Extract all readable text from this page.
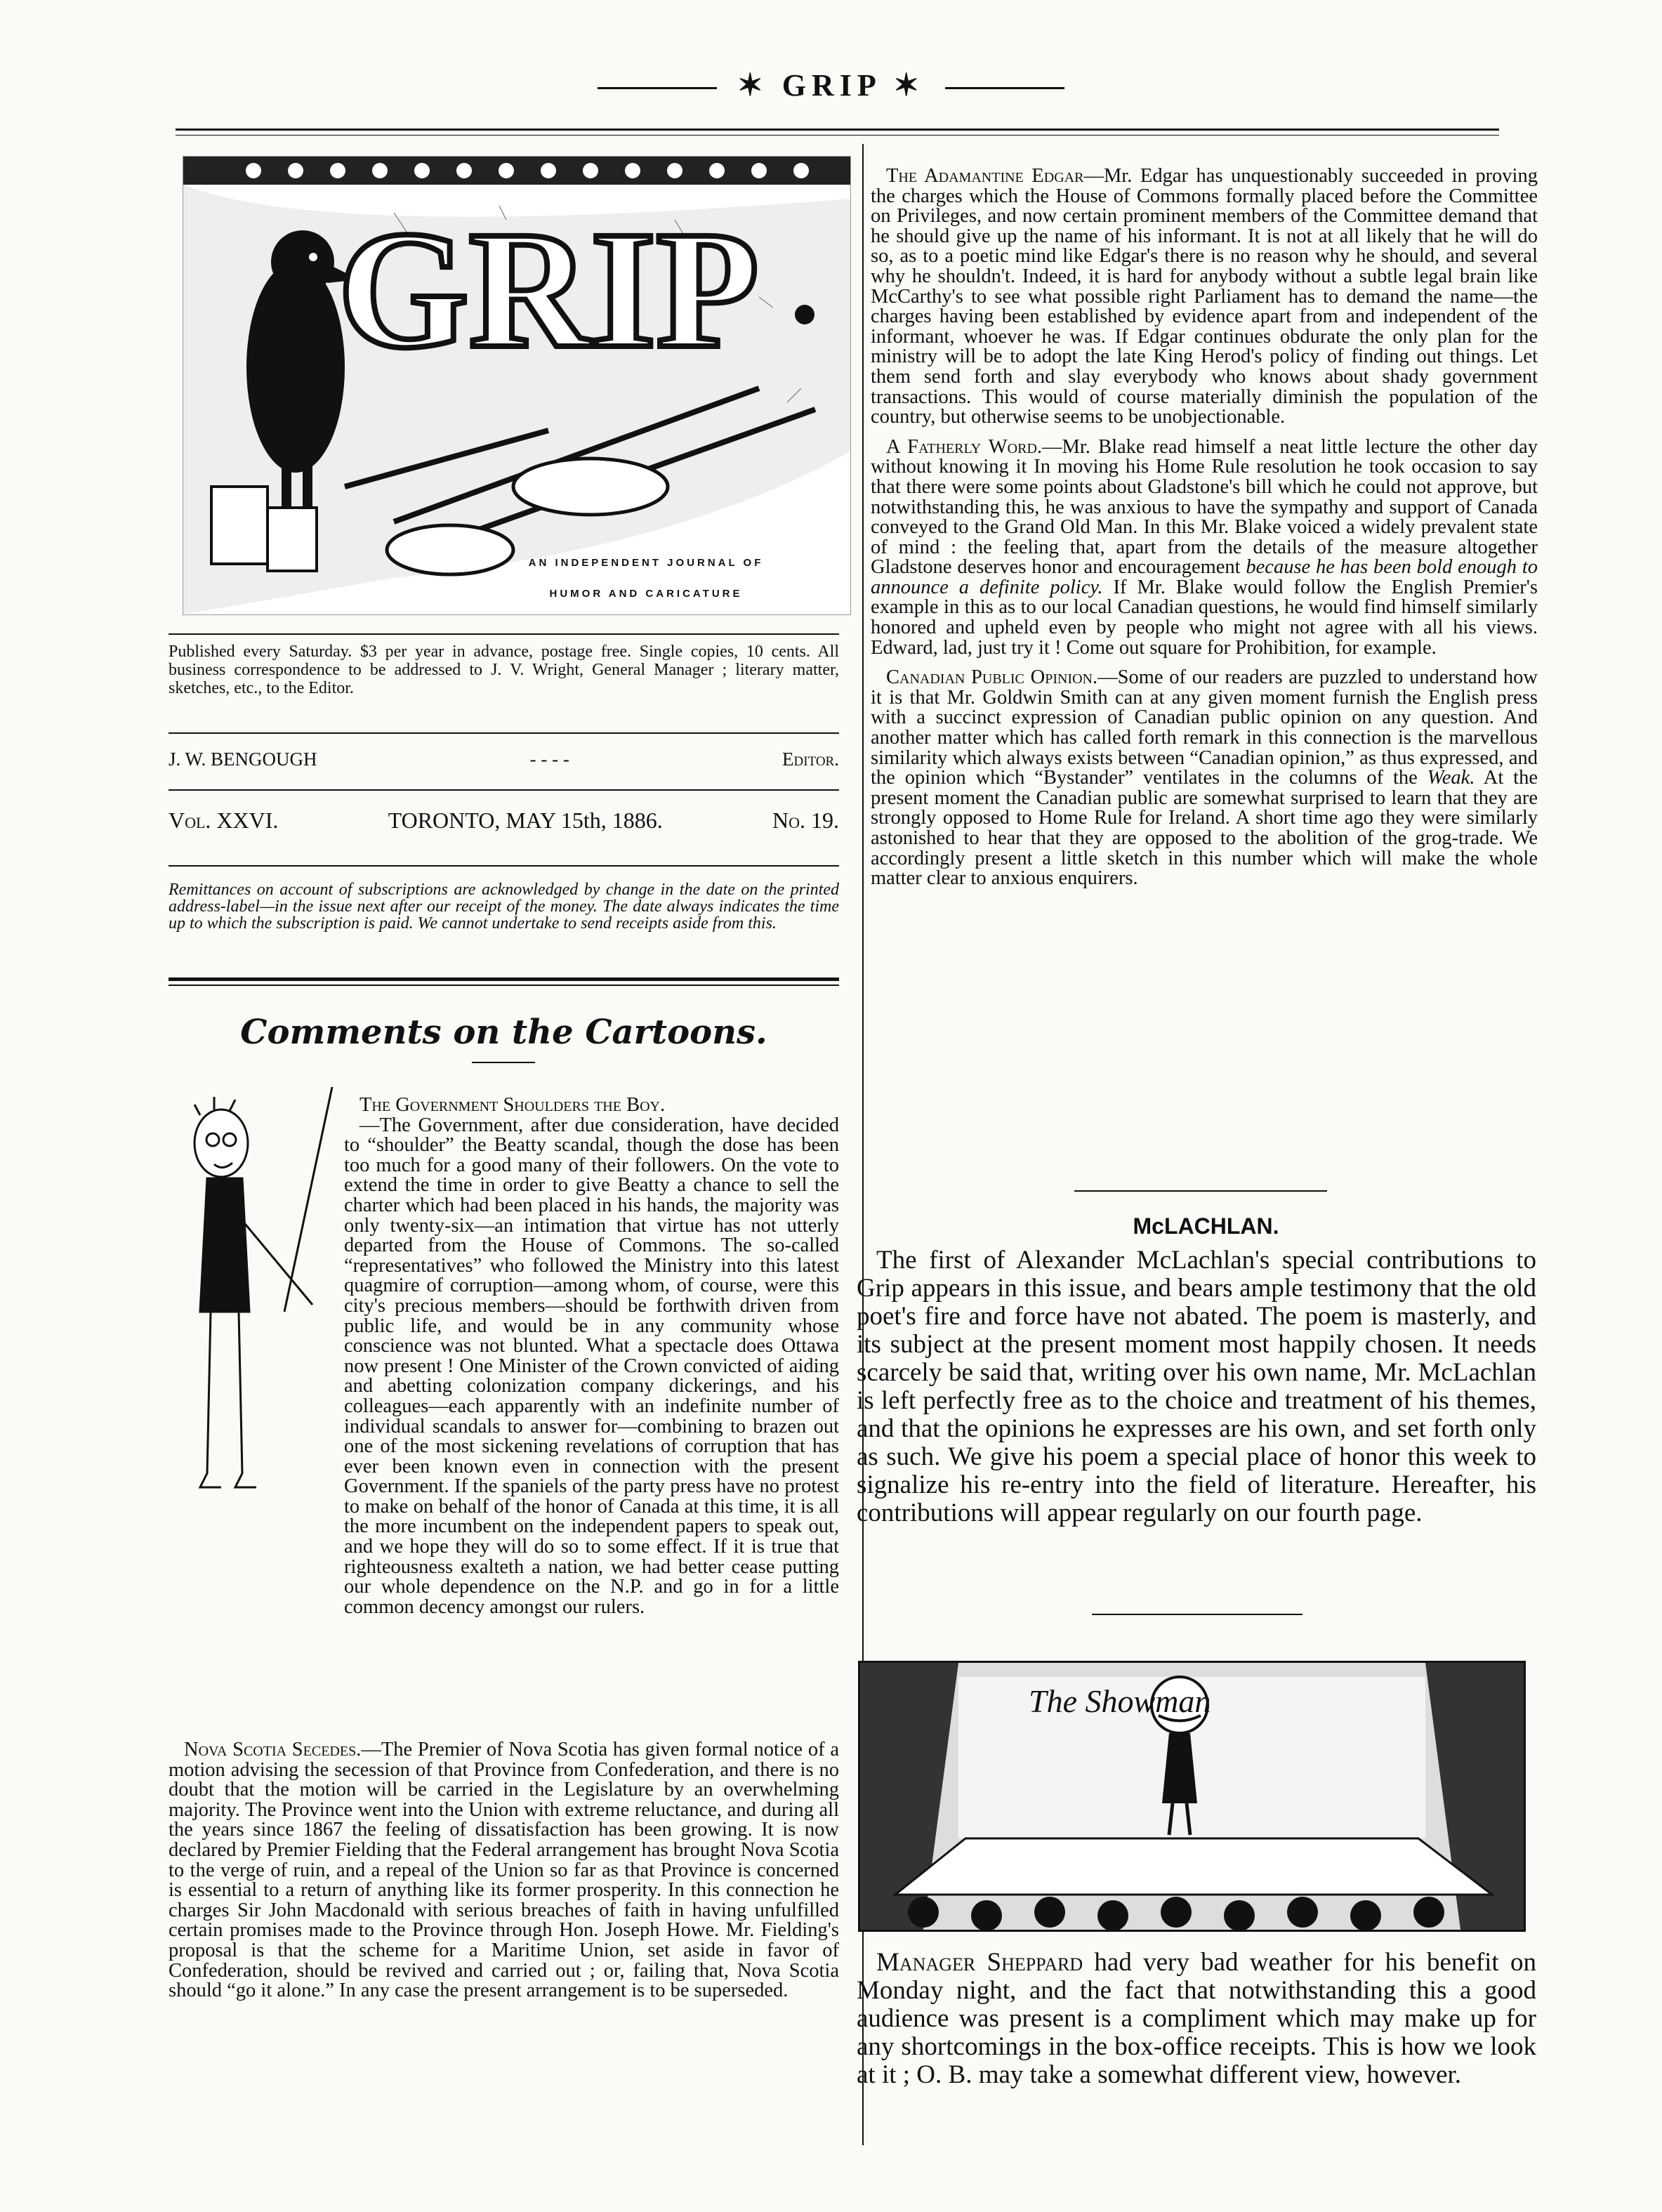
✶ GRIP ✶
GRIP
AN INDEPENDENT JOURNAL OF
HUMOR AND CARICATURE
Published every Saturday. $3 per year in advance, postage free. Single copies, 10 cents. All business correspondence to be addressed to J. V. Wright, General Manager ; literary matter, sketches, etc., to the Editor.
J. W. BENGOUGH	- - - -	Editor.
Vol. XXVI.	TORONTO, MAY 15th, 1886.	No. 19.
Remittances on account of subscriptions are acknowledged by change in the date on the printed address-label—in the issue next after our receipt of the money. The date always indicates the time up to which the subscription is paid. We cannot undertake to send receipts aside from this.
Comments on the Cartoons.

The Government Shoulders the Boy.
—The Government, after due consideration, have decided to “shoulder” the Beatty scandal, though the dose has been too much for a good many of their followers. On the vote to extend the time in order to give Beatty a chance to sell the charter which had been placed in his hands, the majority was only twenty-six—an intimation that virtue has not utterly departed from the House of Commons. The so-called “representatives” who followed the Ministry into this latest quagmire of corruption—among whom, of course, were this city's precious members—should be forthwith driven from public life, and would be in any community whose conscience was not blunted. What a spectacle does Ottawa now present ! One Minister of the Crown convicted of aiding and abetting colonization company dickerings, and his colleagues—each apparently with an indefinite number of individual scandals to answer for—combining to brazen out one of the most sickening revelations of corruption that has ever been known even in connection with the present Government. If the spaniels of the party press have no protest to make on behalf of the honor of Canada at this time, it is all the more incumbent on the independent papers to speak out, and we hope they will do so to some effect. If it is true that righteousness exalteth a nation, we had better cease putting our whole dependence on the N.P. and go in for a little common decency amongst our rulers.

The Adamantine Edgar—Mr. Edgar has unquestionably succeeded in proving the charges which the House of Commons formally placed before the Committee on Privileges, and now certain prominent members of the Committee demand that he should give up the name of his informant. It is not at all likely that he will do so, as to a poetic mind like Edgar's there is no reason why he should, and several why he shouldn't. Indeed, it is hard for anybody without a subtle legal brain like McCarthy's to see what possible right Parliament has to demand the name—the charges having been established by evidence apart from and independent of the informant, whoever he was. If Edgar continues obdurate the only plan for the ministry will be to adopt the late King Herod's policy of finding out things. Let them send forth and slay everybody who knows about shady government transactions. This would of course materially diminish the population of the country, but otherwise seems to be unobjectionable.

A Fatherly Word.—Mr. Blake read himself a neat little lecture the other day without knowing it In moving his Home Rule resolution he took occasion to say that there were some points about Gladstone's bill which he could not approve, but notwithstanding this, he was anxious to have the sympathy and support of Canada conveyed to the Grand Old Man. In this Mr. Blake voiced a widely prevalent state of mind : the feeling that, apart from the details of the measure altogether Gladstone deserves honor and encouragement because he has been bold enough to announce a definite policy. If Mr. Blake would follow the English Premier's example in this as to our local Canadian questions, he would find himself similarly honored and upheld even by people who might not agree with all his views. Edward, lad, just try it ! Come out square for Prohibition, for example.

Canadian Public Opinion.—Some of our readers are puzzled to understand how it is that Mr. Goldwin Smith can at any given moment furnish the English press with a succinct expression of Canadian public opinion on any question. And another matter which has called forth remark in this connection is the marvellous similarity which always exists between “Canadian opinion,” as thus expressed, and the opinion which “Bystander” ventilates in the columns of the Weak. At the present moment the Canadian public are somewhat surprised to learn that they are strongly opposed to Home Rule for Ireland. A short time ago they were similarly astonished to hear that they are opposed to the abolition of the grog-trade. We accordingly present a little sketch in this number which will make the whole matter clear to anxious enquirers.

McLACHLAN.

The first of Alexander McLachlan's special contributions to Grip appears in this issue, and bears ample testimony that the old poet's fire and force have not abated. The poem is masterly, and its subject at the present moment most happily chosen. It needs scarcely be said that, writing over his own name, Mr. McLachlan is left perfectly free as to the choice and treatment of his themes, and that the opinions he expresses are his own, and set forth only as such. We give his poem a special place of honor this week to signalize his re-entry into the field of literature. Hereafter, his contributions will appear regularly on our fourth page.

The Showman

Manager Sheppard had very bad weather for his benefit on Monday night, and the fact that notwithstanding this a good audience was present is a compliment which may make up for any shortcomings in the box-office receipts. This is how we look at it ; O. B. may take a somewhat different view, however.

Nova Scotia Secedes.—The Premier of Nova Scotia has given formal notice of a motion advising the secession of that Province from Confederation, and there is no doubt that the motion will be carried in the Legislature by an overwhelming majority. The Province went into the Union with extreme reluctance, and during all the years since 1867 the feeling of dissatisfaction has been growing. It is now declared by Premier Fielding that the Federal arrangement has brought Nova Scotia to the verge of ruin, and a repeal of the Union so far as that Province is concerned is essential to a return of anything like its former prosperity. In this connection he charges Sir John Macdonald with serious breaches of faith in having unfulfilled certain promises made to the Province through Hon. Joseph Howe. Mr. Fielding's proposal is that the scheme for a Maritime Union, set aside in favor of Confederation, should be revived and carried out ; or, failing that, Nova Scotia should “go it alone.” In any case the present arrangement is to be superseded.
